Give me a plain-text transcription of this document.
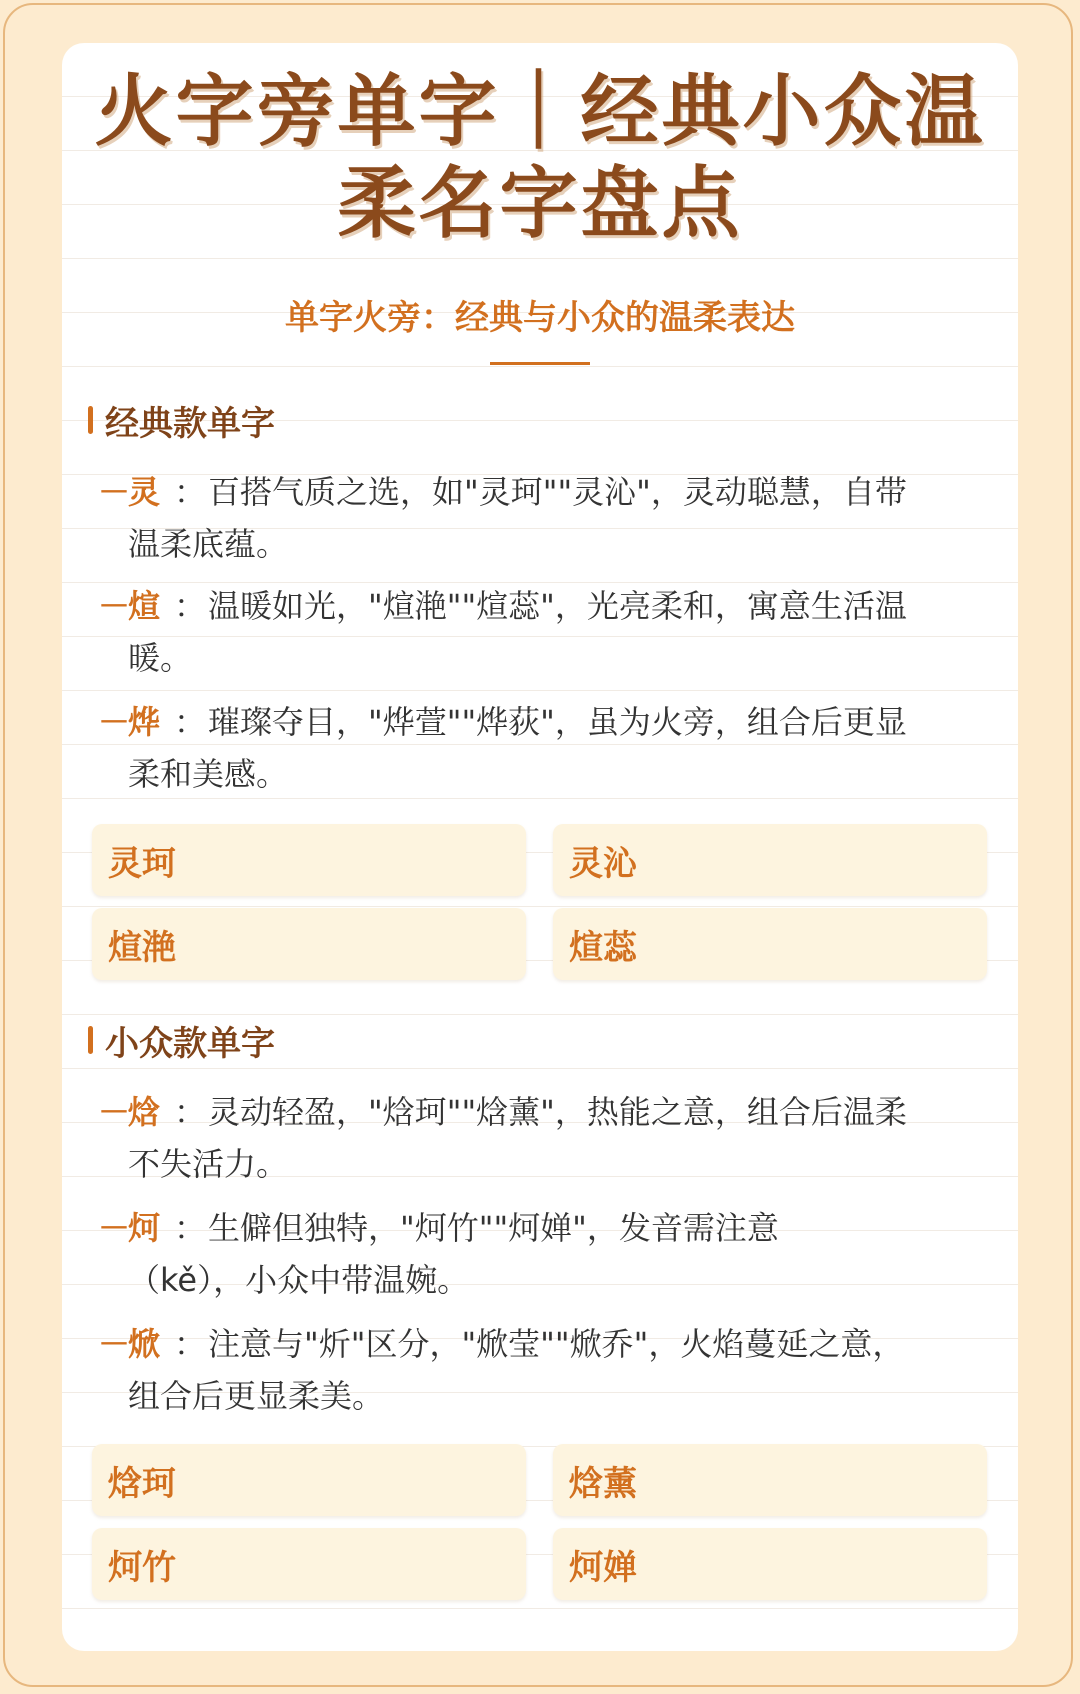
火字旁单字｜经典小众温
柔名字盘点
单字火旁：经典与小众的温柔表达
经典款单字
－
灵 ： 百搭气质之选，如"灵珂""灵沁"，灵动聪慧，自带
温柔底蕴。
－
煊 ： 温暖如光，"煊滟""煊蕊"，光亮柔和，寓意生活温
暖。
－
烨 ： 璀璨夺目，"烨萱""烨荻"，虽为火旁，组合后更显
柔和美感。
灵珂	灵沁
煊滟	煊蕊
小众款单字
－
焓 ： 灵动轻盈，"焓珂""焓薰"，热能之意，组合后温柔
不失活力。
－
炣 ： 生僻但独特，"炣竹""炣婵"，发音需注意
（kě），小众中带温婉。
－
焮 ： 注意与"炘"区分，"焮莹""焮乔"，火焰蔓延之意，
组合后更显柔美。
焓珂	焓薰
炣竹	炣婵
